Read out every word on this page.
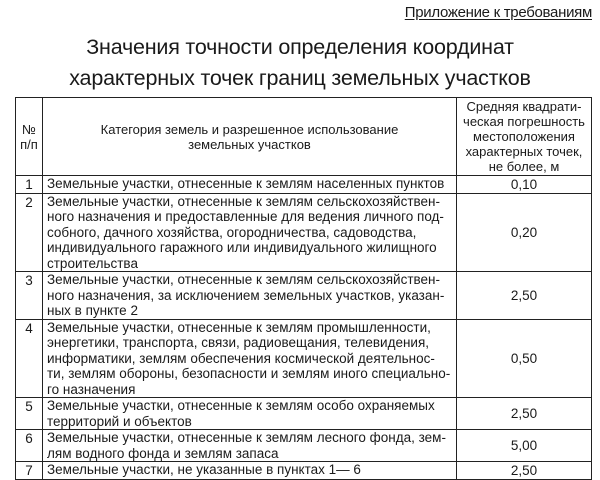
Приложение к требованиям
Значения точности определения координат
характерных точек границ земельных участков
№ п/п	Категория земель и разрешенное использование земельных участков	Средняя квадрати-ческая погрешность местоположения характерных точек, не более, м
1	Земельные участки, отнесенные к землям населенных пунктов	0,10
2	Земельные участки, отнесенные к землям сельскохозяйствен-ного назначения и предоставленные для ведения личного под-собного, дачного хозяйства, огородничества, садоводства, индивидуального гаражного или индивидуального жилищного строительства	0,20
3	Земельные участки, отнесенные к землям сельскохозяйствен-ного назначения, за исключением земельных участков, указан-ных в пункте 2	2,50
4	Земельные участки, отнесенные к землям промышленности, энергетики, транспорта, связи, радиовещания, телевидения, информатики, землям обеспечения космической деятельнос-ти, землям обороны, безопасности и землям иного специально-го назначения	0,50
5	Земельные участки, отнесенные к землям особо охраняемых территорий и объектов	2,50
6	Земельные участки, отнесенные к землям лесного фонда, зем-лям водного фонда и землям запаса	5,00
7	Земельные участки, не указанные в пунктах 1— 6	2,50
